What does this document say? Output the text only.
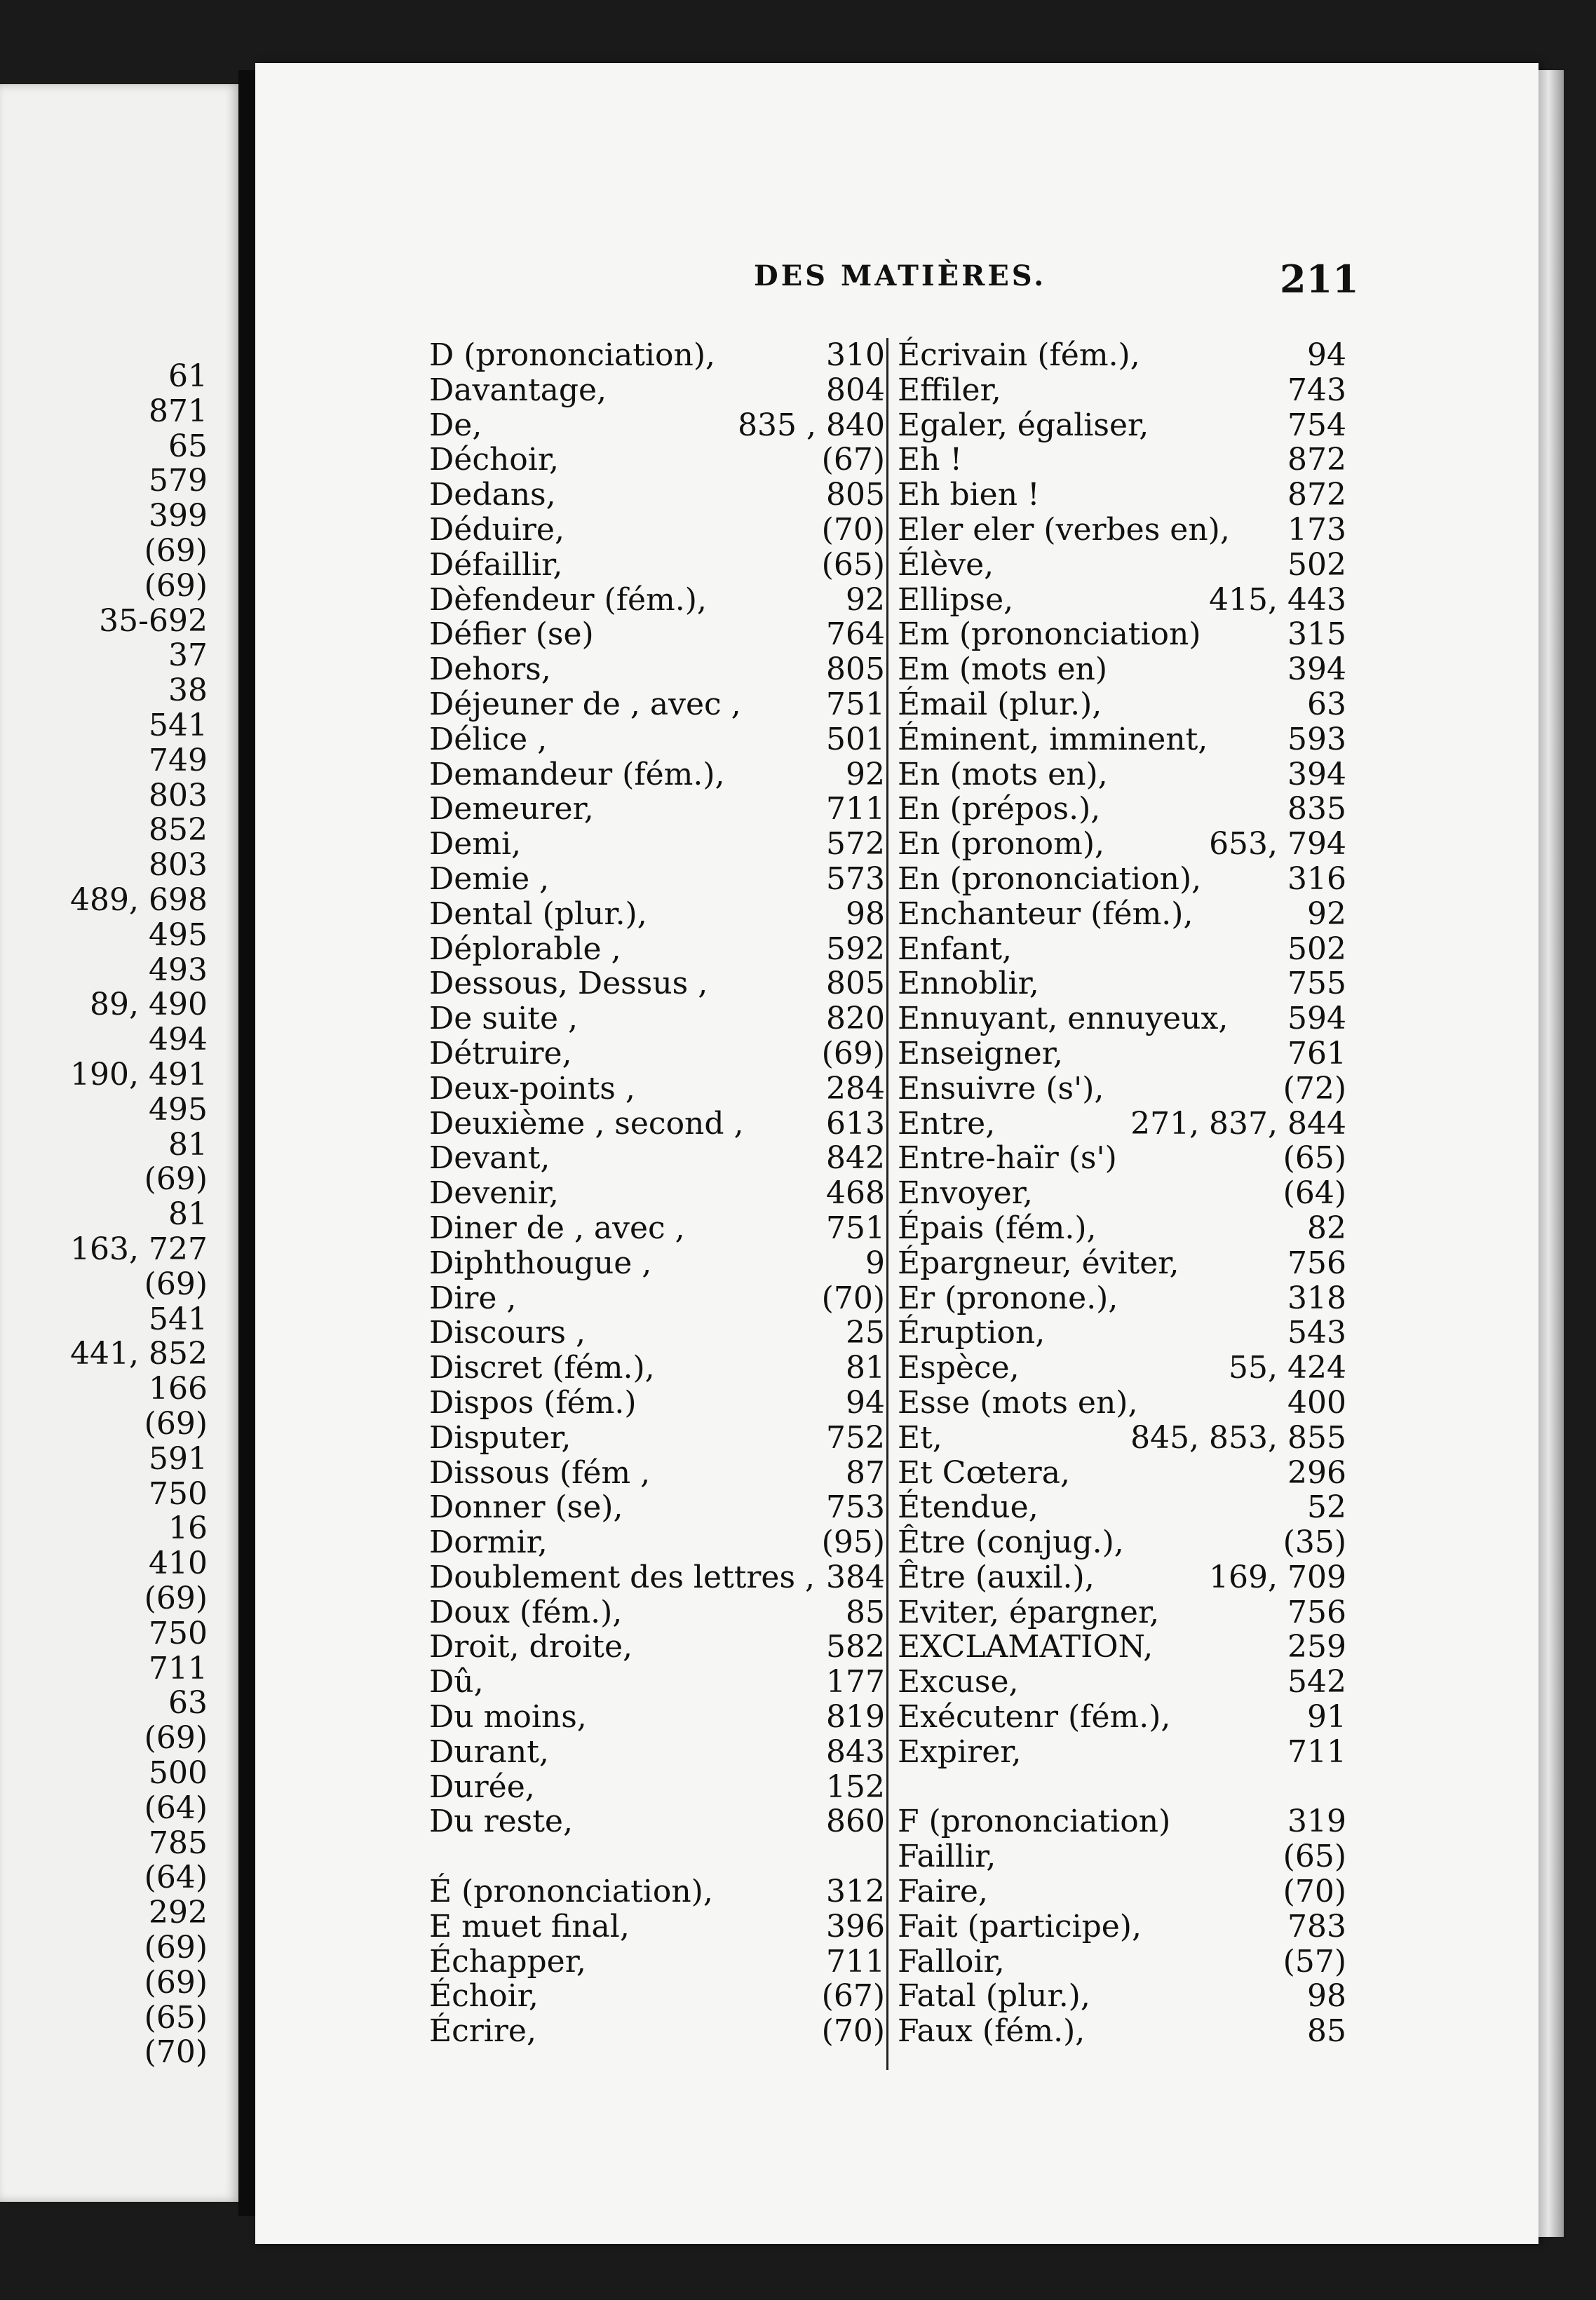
61
871
65
579
399
(69)
(69)
35-692
37
38
541
749
803
852
803
489, 698
495
493
89, 490
494
190, 491
495
81
(69)
81
163, 727
(69)
541
441, 852
166
(69)
591
750
16
410
(69)
750
711
63
(69)
500
(64)
785
(64)
292
(69)
(69)
(65)
(70)
DES MATIÈRES.	211
D (prononciation),	310
Davantage,	804
De,	835 , 840
Déchoir,	(67)
Dedans,	805
Déduire,	(70)
Défaillir,	(65)
Dèfendeur (fém.),	92
Défier (se)	764
Dehors,	805
Déjeuner de , avec ,	751
Délice ,	501
Demandeur (fém.),	92
Demeurer,	711
Demi,	572
Demie ,	573
Dental (plur.),	98
Déplorable ,	592
Dessous, Dessus ,	805
De suite ,	820
Détruire,	(69)
Deux-points ,	284
Deuxième , second ,	613
Devant,	842
Devenir,	468
Diner de , avec ,	751
Diphthougue ,	9
Dire ,	(70)
Discours ,	25
Discret (fém.),	81
Dispos (fém.)	94
Disputer,	752
Dissous (fém ,	87
Donner (se),	753
Dormir,	(95)
Doublement des lettres , 384
Doux (fém.),	85
Droit, droite,	582
Dû,	177
Du moins,	819
Durant,	843
Durée,	152
Du reste,	860
É (prononciation),	312
E muet final,	396
Échapper,	711
Échoir,	(67)
Écrire,	(70)
Écrivain (fém.),	94
Effiler,	743
Egaler, égaliser,	754
Eh !	872
Eh bien !	872
Eler eler (verbes en), 173
Élève,	502
Ellipse,	415, 443
Em (prononciation)	315
Em (mots en)	394
Émail (plur.),	63
Éminent, imminent,	593
En (mots en),	394
En (prépos.),	835
En (pronom),	653, 794
En (prononciation),	316
Enchanteur (fém.),	92
Enfant,	502
Ennoblir,	755
Ennuyant, ennuyeux, 594
Enseigner,	761
Ensuivre (s'),	(72)
Entre,	271, 837, 844
Entre-haïr (s')	(65)
Envoyer,	(64)
Épais (fém.),	82
Épargneur, éviter,	756
Er (pronone.),	318
Éruption,	543
Espèce,	55, 424
Esse (mots en),	400
Et,	845, 853, 855
Et Cœtera,	296
Étendue,	52
Être (conjug.),	(35)
Être (auxil.),	169, 709
Eviter, épargner,	756
EXCLAMATION,	259
Excuse,	542
Exécutenr (fém.),	91
Expirer,	711
F (prononciation)	319
Faillir,	(65)
Faire,	(70)
Fait (participe),	783
Falloir,	(57)
Fatal (plur.),	98
Faux (fém.),	85
